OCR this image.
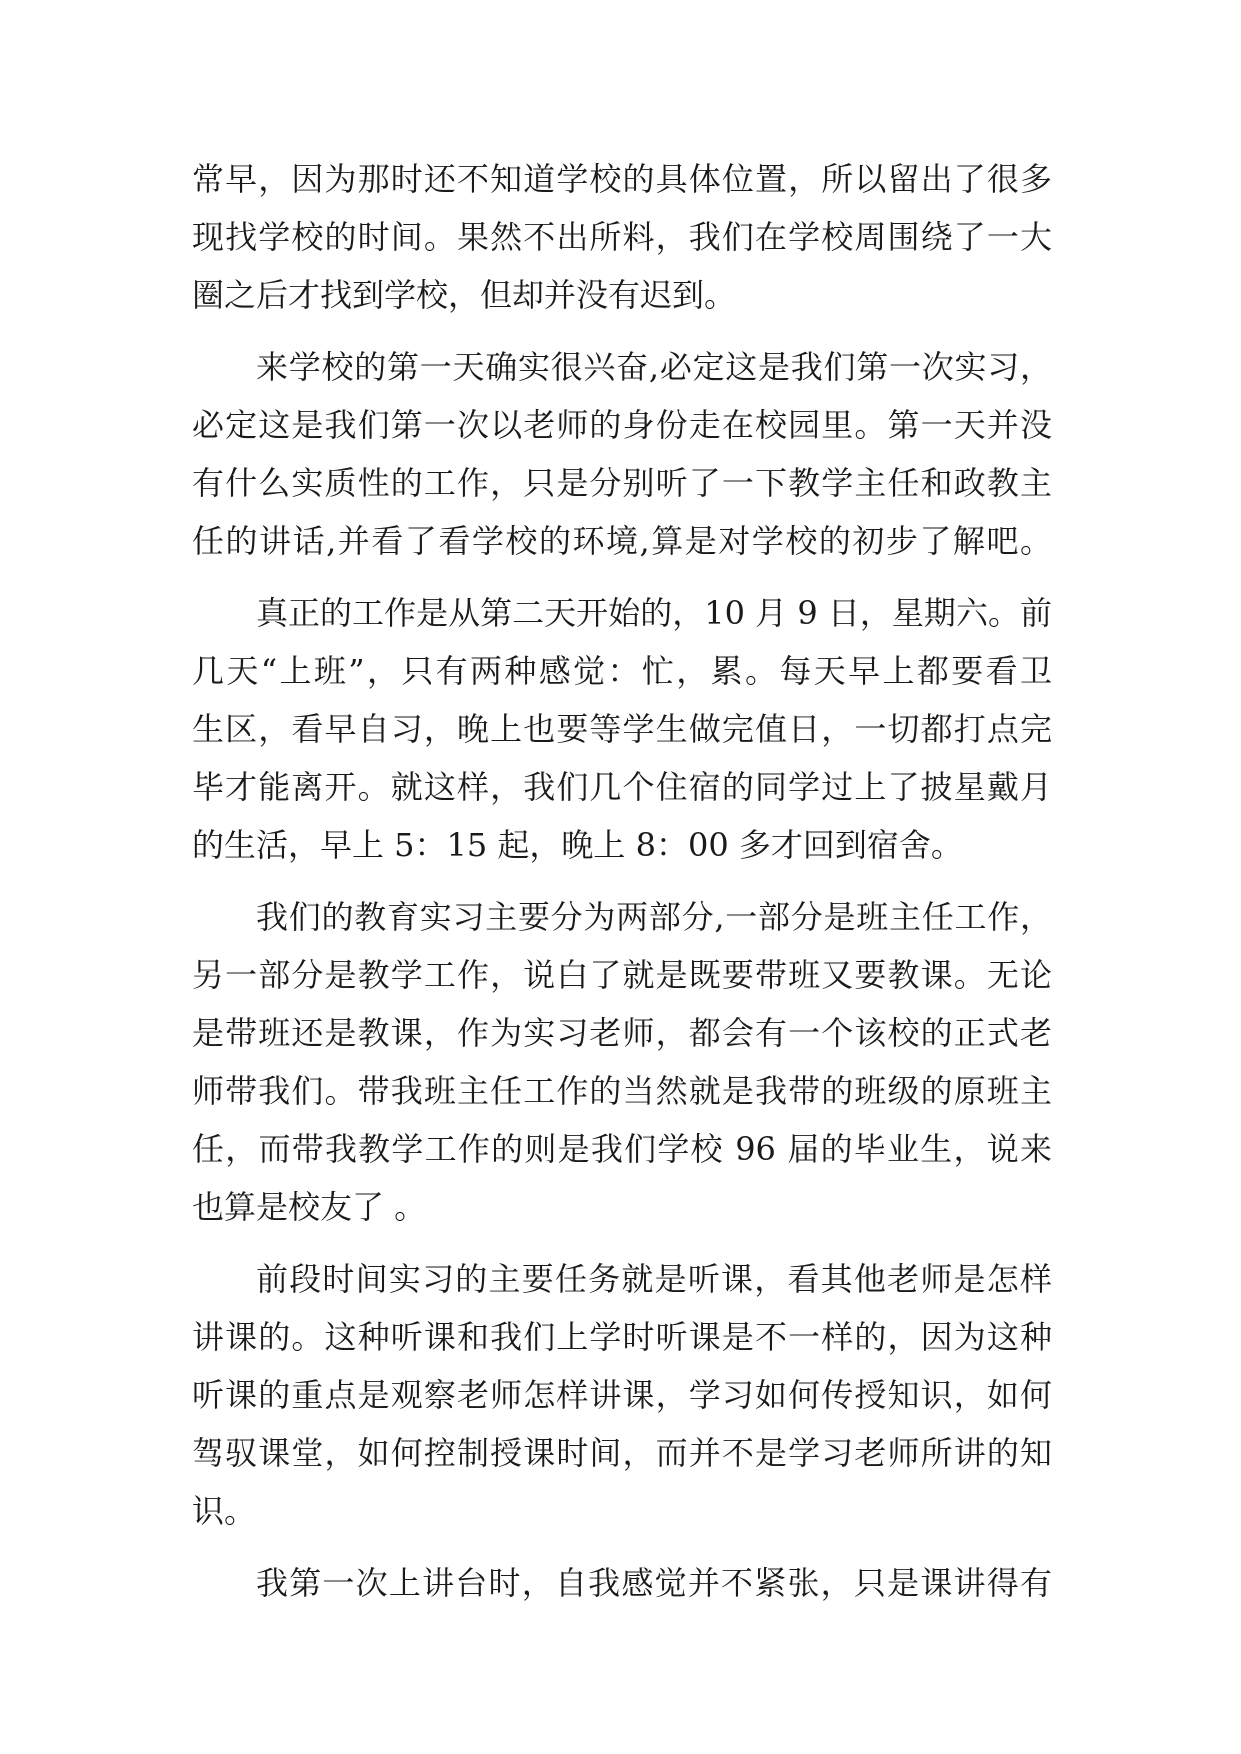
常早，因为那时还不知道学校的具体位置，所以留出了很多
现找学校的时间。果然不出所料，我们在学校周围绕了一大
圈之后才找到学校，但却并没有迟到。
来学校的第一天确实很兴奋,必定这是我们第一次实习，
必定这是我们第一次以老师的身份走在校园里。第一天并没
有什么实质性的工作，只是分别听了一下教学主任和政教主
任的讲话,并看了看学校的环境,算是对学校的初步了解吧。
真正的工作是从第二天开始的，10 月 9 日，星期六。前
几天“上班”，只有两种感觉：忙，累。每天早上都要看卫
生区，看早自习，晚上也要等学生做完值日，一切都打点完
毕才能离开。就这样，我们几个住宿的同学过上了披星戴月
的生活，早上 5：15 起，晚上 8：00 多才回到宿舍。
我们的教育实习主要分为两部分,一部分是班主任工作，
另一部分是教学工作，说白了就是既要带班又要教课。无论
是带班还是教课，作为实习老师，都会有一个该校的正式老
师带我们。带我班主任工作的当然就是我带的班级的原班主
任，而带我教学工作的则是我们学校 96 届的毕业生，说来
也算是校友了 。
前段时间实习的主要任务就是听课，看其他老师是怎样
讲课的。这种听课和我们上学时听课是不一样的，因为这种
听课的重点是观察老师怎样讲课，学习如何传授知识，如何
驾驭课堂，如何控制授课时间，而并不是学习老师所讲的知
识。
我第一次上讲台时，自我感觉并不紧张，只是课讲得有
